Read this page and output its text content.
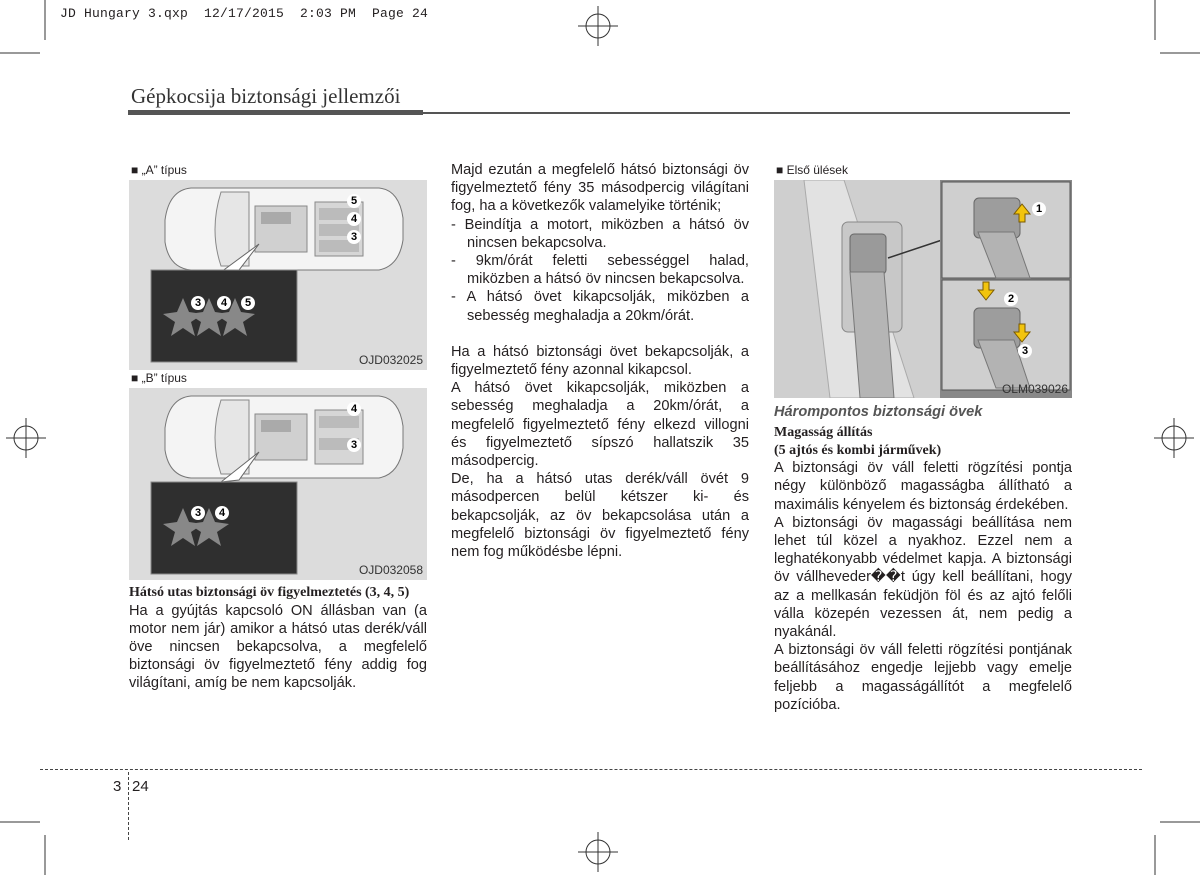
JD Hungary 3.qxp  12/17/2015  2:03 PM  Page 24
Gépkocsija biztonsági jellemzői
■ „A” típus
5
4
3
3	4	5
OJD032025
■ „B” típus
4
3
3	4
OJD032058
Hátsó utas biztonsági öv figyelmeztetés (3, 4, 5)

Ha a gyújtás kapcsoló ON állásban van (a motor nem jár) amikor a hátsó utas derék/váll öve nincsen bekapcsolva, a megfelelő biztonsági öv figyelmeztető fény addig fog világítani, amíg be nem kapcsolják.

Majd ezután a megfelelő hátsó biztonsági öv figyelmeztető fény 35 másodpercig világítani fog, ha a következők valamelyike történik;

- Beindítja a motort, miközben a hátsó öv nincsen bekapcsolva.

- 9km/órát feletti sebességgel halad, miközben a hátsó öv nincsen bekapcsolva.

- A hátsó övet kikapcsolják, miközben a sebesség meghaladja a 20km/órát.

Ha a hátsó biztonsági övet bekapcsolják, a figyelmeztető fény azonnal kikapcsol.

A hátsó övet kikapcsolják, miközben a sebesség meghaladja a 20km/órát, a megfelelő figyelmeztető fény elkezd villogni és figyelmeztető sípszó hallatszik 35 másodpercig.

De, ha a hátsó utas derék/váll övét 9 másodpercen belül kétszer ki- és bekapcsolják, az öv bekapcsolása után a megfelelő biztonsági öv figyelmeztető fény nem fog működésbe lépni.

■ Első ülések
1
2
3
OLM039026
Hárompontos biztonsági övek
Magasság állítás
(5 ajtós és kombi járművek)

A biztonsági öv váll feletti rögzítési pontja négy különböző magasságba állítható a maximális kényelem és biztonság érdekében.

A biztonsági öv magassági beállítása nem lehet túl közel a nyakhoz. Ezzel nem a leghatékonyabb védelmet kapja. A biztonsági öv vállheveder��t úgy kell beállítani, hogy az a mellkasán feküdjön föl és az ajtó felőli válla közepén vezessen át, nem pedig a nyakánál.

A biztonsági öv váll feletti rögzítési pontjának beállításához engedje lejjebb vagy emelje feljebb a magasságállítót a megfelelő pozícióba.

3 24
